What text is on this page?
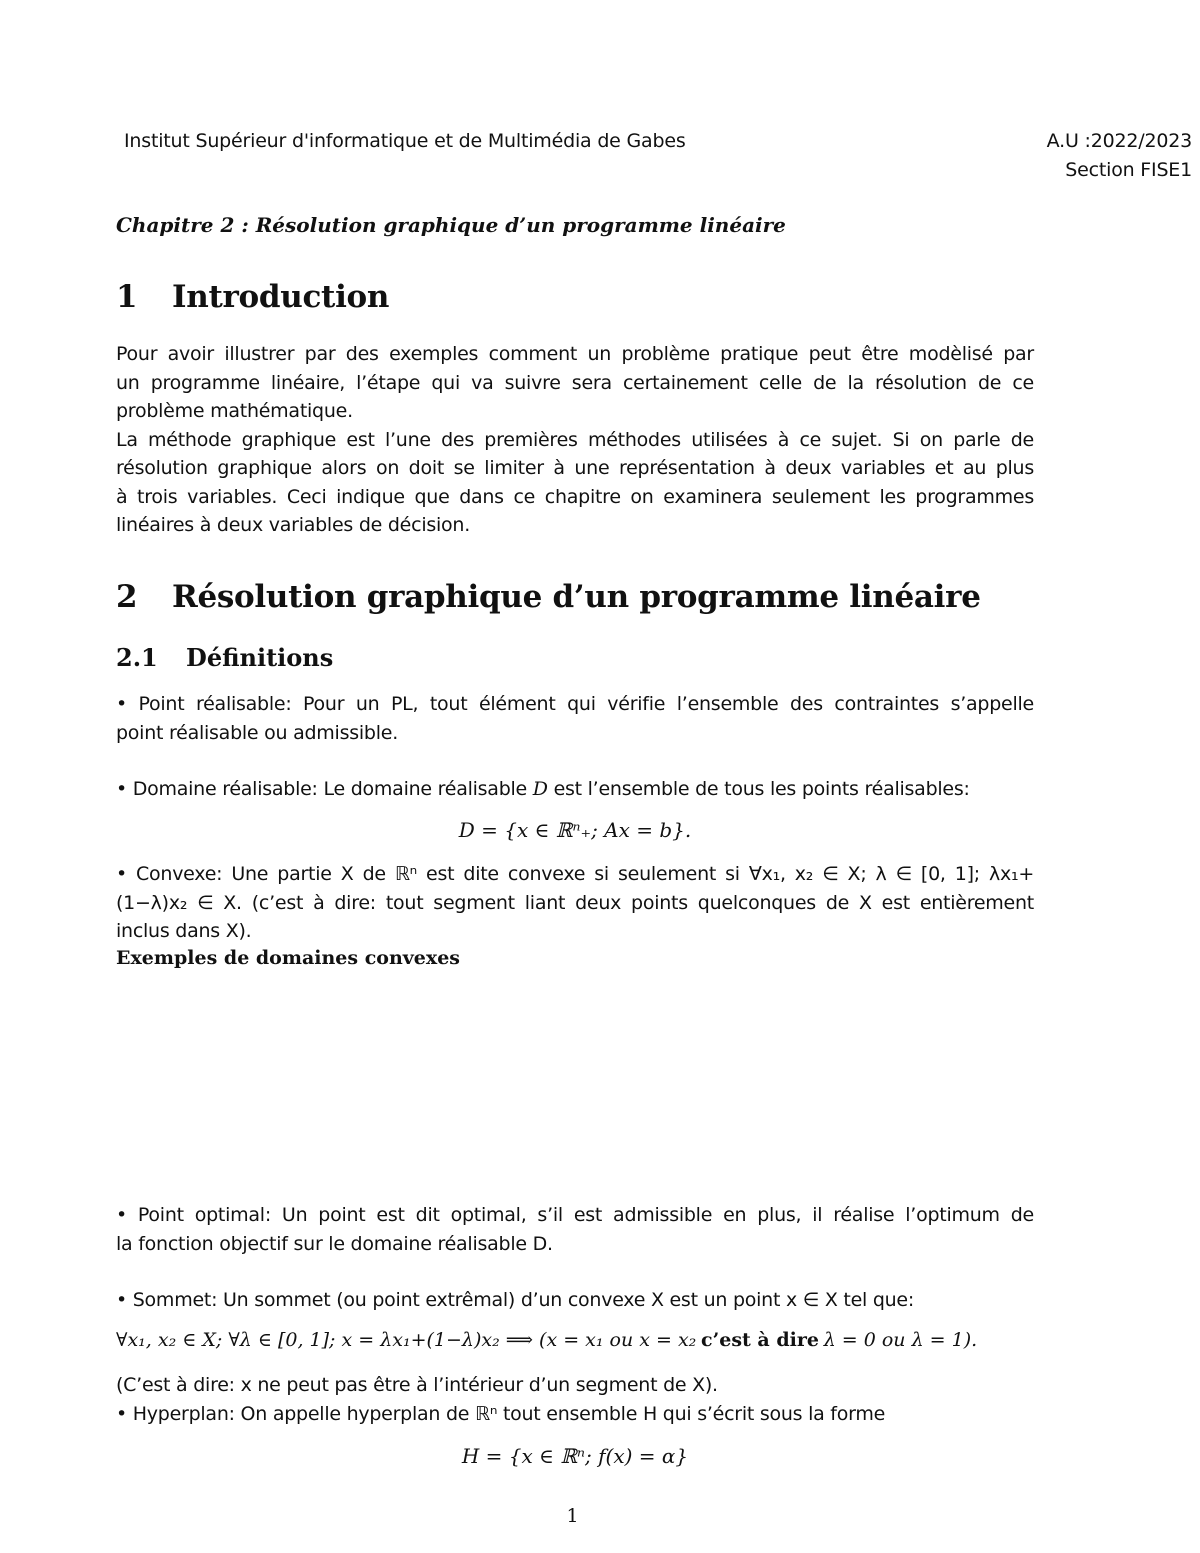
Institut Supérieur d'informatique et de Multimédia de Gabes	A.U :2022/2023
Section FISE1
Chapitre 2 : Résolution graphique d’un programme linéaire
1 Introduction
Pour avoir illustrer par des exemples comment un problème pratique peut être modèlisé par
un programme linéaire, l’étape qui va suivre sera certainement celle de la résolution de ce
problème mathématique.
La méthode graphique est l’une des premières méthodes utilisées à ce sujet. Si on parle de
résolution graphique alors on doit se limiter à une représentation à deux variables et au plus
à trois variables. Ceci indique que dans ce chapitre on examinera seulement les programmes
linéaires à deux variables de décision.
2 Résolution graphique d’un programme linéaire
2.1 Définitions
• Point réalisable: Pour un PL, tout élément qui vérifie l’ensemble des contraintes s’appelle
point réalisable ou admissible.
• Domaine réalisable: Le domaine réalisable D est l’ensemble de tous les points réalisables:
D = {x ∈ ℝⁿ₊; Ax = b}.
• Convexe: Une partie X de ℝⁿ est dite convexe si seulement si ∀x₁, x₂ ∈ X; λ ∈ [0, 1]; λx₁+
(1−λ)x₂ ∈ X. (c’est à dire: tout segment liant deux points quelconques de X est entièrement
inclus dans X).
Exemples de domaines convexes
• Point optimal: Un point est dit optimal, s’il est admissible en plus, il réalise l’optimum de
la fonction objectif sur le domaine réalisable D.
• Sommet: Un sommet (ou point extrêmal) d’un convexe X est un point x ∈ X tel que:
∀x₁, x₂ ∈ X; ∀λ ∈ [0, 1]; x = λx₁+(1−λ)x₂ ⟹ (x = x₁ ou x = x₂ c’est à dire λ = 0 ou λ = 1).
(C’est à dire: x ne peut pas être à l’intérieur d’un segment de X).
• Hyperplan: On appelle hyperplan de ℝⁿ tout ensemble H qui s’écrit sous la forme
H = {x ∈ ℝⁿ; f(x) = α}
1
